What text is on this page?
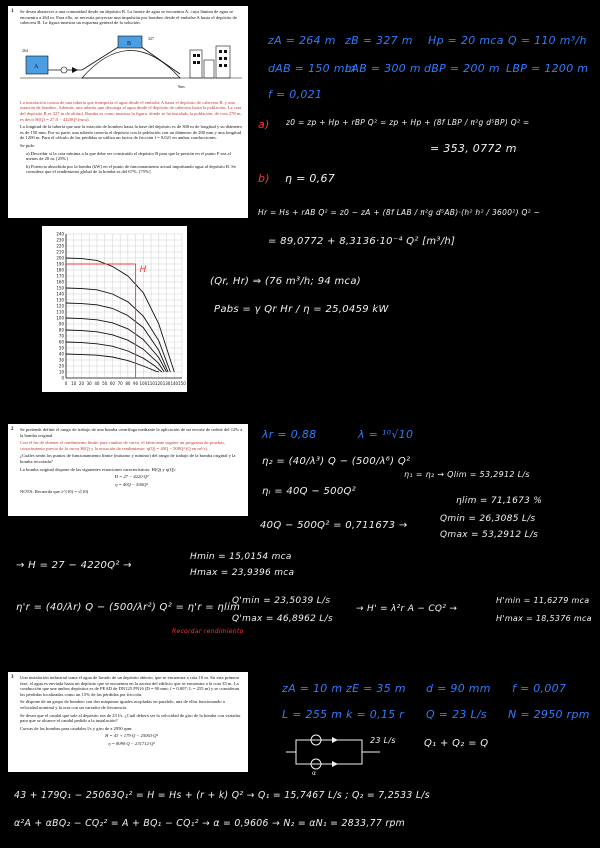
1 Se desea abastecer a una comunidad desde un depósito B. La fuente de agua se encuentra A, cuya lámina de agua se encuentra a 264 m. Para ello, se necesita proyectar una impulsión por bombeo desde el embalse A hasta el depósito de cabecera B. La figura muestra un esquema general de la solución.

A
264
B
327
9ms

La instalación consta de una tubería que transporta el agua desde el embalse A hasta el depósito de cabecera B, y una estación de bombeo. Además, una tubería que descarga el agua desde el depósito de cabecera hasta la población. La cota del depósito B es 327 m de altitud. Bomba es como muestra la figura, donde se ha instalado la población, de cota 278 m, es decir H(Q) = 27,0 − 4220Q² (mca).

La longitud de la tubería que une la estación de bombeo hasta la base del depósito es de 300 m de longitud y su diámetro es de 150 mm. Por su parte, una tubería conecta el depósito con la población con un diámetro de 200 mm y una longitud de 1200 m. Para el cálculo de las pérdidas se utiliza un factor de fricción f = 0,021 en ambas conducciones.

Se pide:

a) Describir si la cota mínima a la que debe ser construido el depósito B para que la presión en el punto F sea al menos de 20 m. [25%]

b) Potencia absorbida por la bomba (kW) en el punto de funcionamiento actual impulsando agua al depósito B. Se considera que el rendimiento global de la bomba es del 67%. [75%]

0 10 20 30 40 50 60 70 80 90 100 110 120 130 140 150
0
10
20
30
40
50
60
70
80
90
100
110
120
130
140
150
160
170
180
190
200
210
220
230
240
H
zA = 264 m zB = 327 m Hp = 20 mca Q = 110 m³/h
dAB = 150 mm
LAB = 300 m dBP = 200 m LBP = 1200 m
f = 0,021
a) z0 = zp + Hp + rBP Q² = zp + Hp + (8f LBP / π²g d⁵BP) Q² =
= 353, 0772 m
b) η = 0,67
Hr = Hs + rAB Q² = z0 − zA + (8f LAB / π²g d⁵AB)·(h² h² / 3600²) Q² −
= 89,0772 + 8,3136·10⁻⁴ Q² [m³/h]
(Qr, Hr) ⇒ (76 m³/h; 94 mca)
Pabs = γ Qr Hr / η = 25,0459 kW
2 Se pretende definir el rango de trabajo de una bomba centrífuga mediante la aplicación de un recorte de rodete del 12% a la bomba original.

Con el fin de obtener el rendimiento límite para cambio de curva, el fabricante sugiere un programa de pruebas, conocimiento previo de la curva H(Q) y la ecuación de rendimiento: η(Q) = 40Q − 500Q² (Q en m³/s).

¿Cuáles serán los puntos de funcionamiento límite (máximo y mínimo) del rango de trabajo de la bomba original y la bomba recortada?

La bomba original dispone de las siguientes ecuaciones características: H(Q) y η(Q):

H = 27 − 4220·Q²

η = 40Q − 500Q²

NOTA: Recuerda que λ^(10) = √(10)

λr = 0,88	λ = ¹⁰√10
η₂ = (40/λ³) Q − (500/λ⁶) Q²
ηᵢ = 40Q − 500Q²
η₁ = η₂ → Qlim = 53,2912 L/s
ηlim = 71,1673 %
40Q − 500Q² = 0,711673 →
Qmin = 26,3085 L/s
Qmax = 53,2912 L/s
→ H = 27 − 4220Q² →
Hmin = 15,0154 mca
Hmax = 23,9396 mca
η'r = (40/λr) Q − (500/λr²) Q² = η'r = ηlim
Recordar rendimiento
Q'min = 23,5039 L/s
Q'max = 46,8962 L/s
→ H' = λ²r A − CQ² →
H'min = 11,6279 mca
H'max = 18,5376 mca
3 Una instalación industrial toma el agua de lavado de un depósito abierto, que se encuentra a cota 10 m. En esta primera fase, el agua es enviada hasta un depósito que se encuentra en la azotea del edificio que se encuentra a la cota 35 m. La conducción que une ambos depósitos es de PEAD de DN125 PN16 (D = 90 mm; f = 0,007; L = 255 m) y se consideran las pérdidas localizadas como un 15% de las pérdidas por fricción.

Se dispone de un grupo de bombeo con dos máquinas iguales acopladas en paralelo, una de ellas funcionando a velocidad nominal y la otra con un variador de frecuencia.

Se desea que el caudal que sale al depósito sea de 23 l/s. ¿Cuál deberá ser la velocidad de giro de la bomba con variador para que se alcance el caudal pedido a la instalación?

Curvas de las bombas para caudales l/s y giro de a 2950 rpm:

H = 43 + 179·Q − 25063·Q²

η = 8090·Q − 231712·Q²

zA = 10 m zE = 35 m d = 90 mm f = 0,007
L = 255 m k = 0,15 r Q = 23 L/s N = 2950 rpm
α
23 L/s	Q₁ + Q₂ = Q
43 + 179Q₁ − 25063Q₁² = H = Hs + (r + k) Q² → Q₁ = 15,7467 L/s ; Q₂ = 7,2533 L/s
α²A + αBQ₂ − CQ₂² = A + BQ₁ − CQ₁² → α = 0,9606 → N₂ = αN₁ = 2833,77 rpm
